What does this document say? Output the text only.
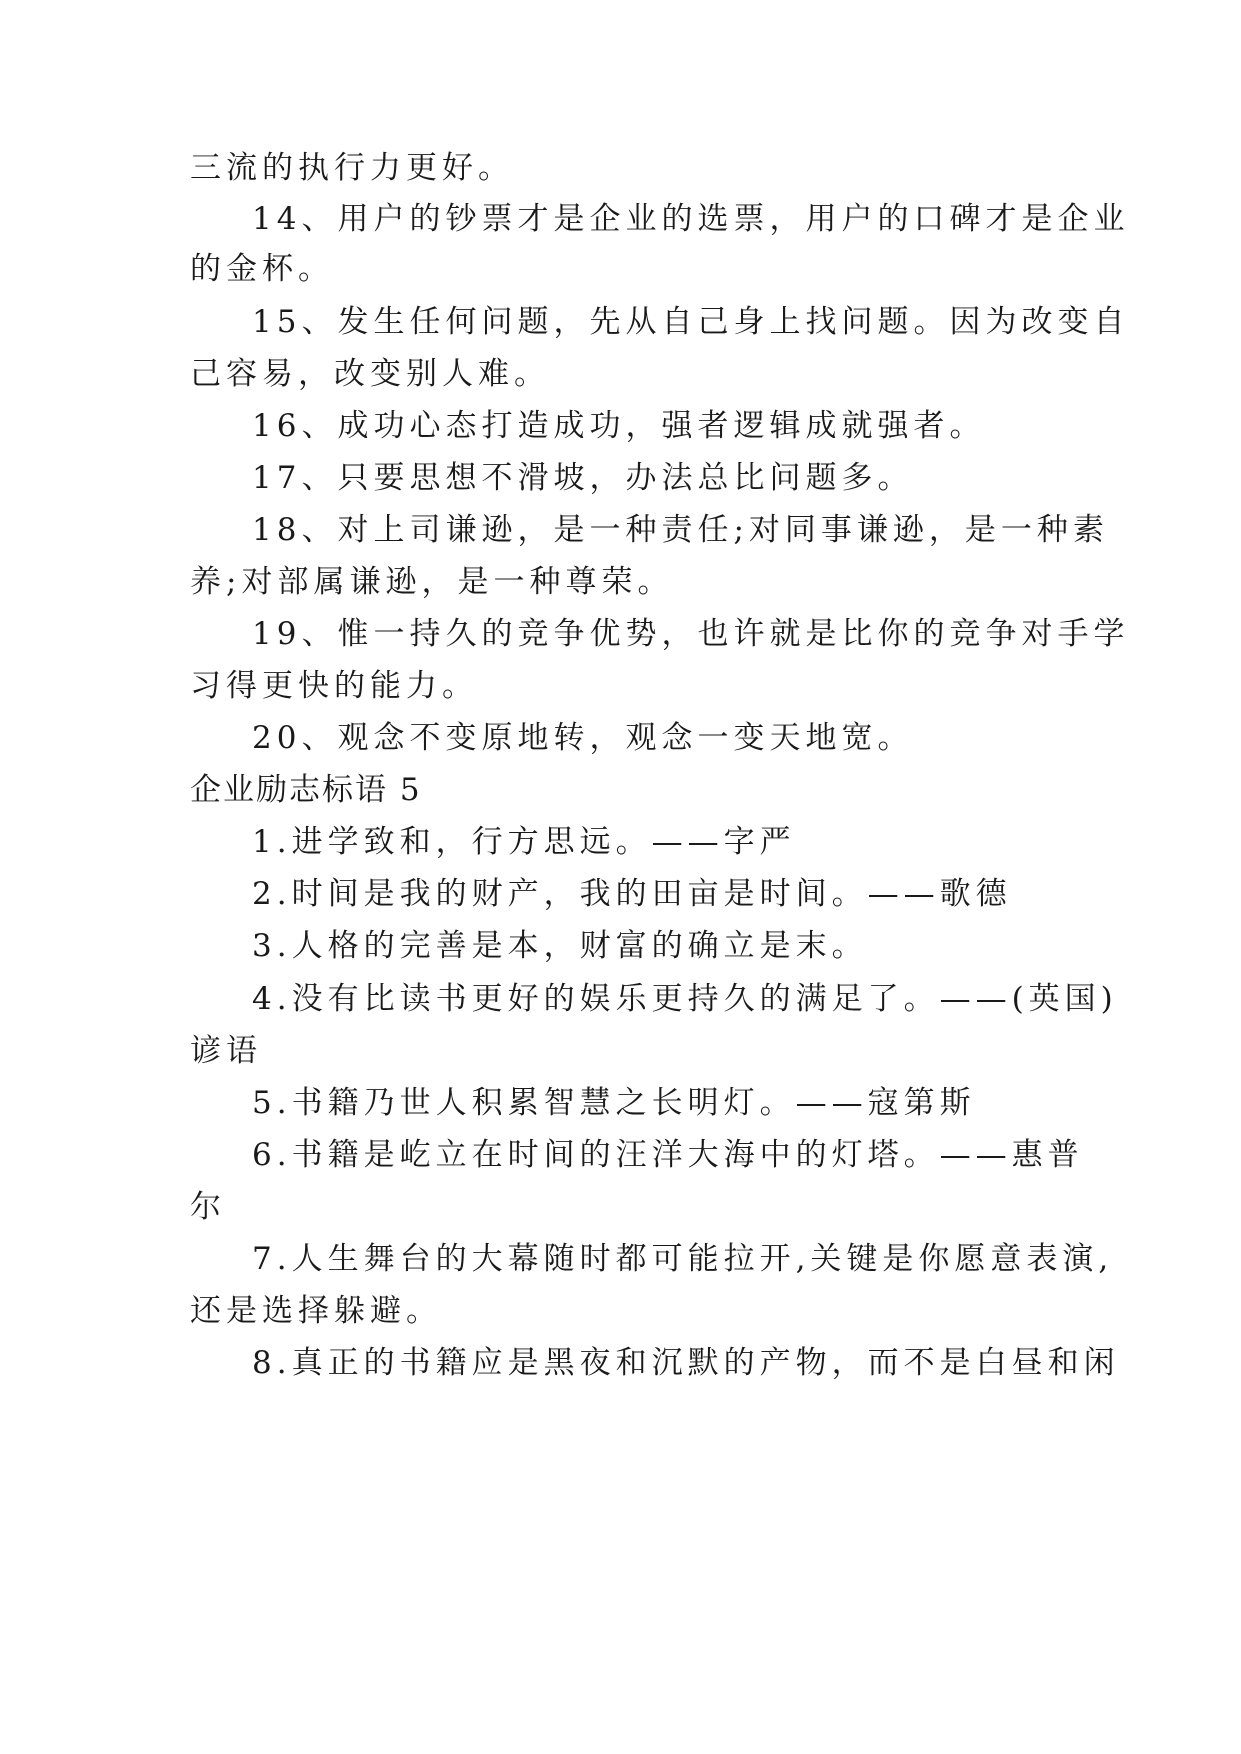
三流的执行力更好。
14、用户的钞票才是企业的选票，用户的口碑才是企业
的金杯。
15、发生任何问题，先从自己身上找问题。因为改变自
己容易，改变别人难。
16、成功心态打造成功，强者逻辑成就强者。
17、只要思想不滑坡，办法总比问题多。
18、对上司谦逊，是一种责任;对同事谦逊，是一种素
养;对部属谦逊，是一种尊荣。
19、惟一持久的竞争优势，也许就是比你的竞争对手学
习得更快的能力。
20、观念不变原地转，观念一变天地宽。
企业励志标语 5
1.进学致和，行方思远。——字严
2.时间是我的财产，我的田亩是时间。——歌德
3.人格的完善是本，财富的确立是末。
4.没有比读书更好的娱乐更持久的满足了。——(英国)
谚语
5.书籍乃世人积累智慧之长明灯。——寇第斯
6.书籍是屹立在时间的汪洋大海中的灯塔。——惠普
尔
7.人生舞台的大幕随时都可能拉开,关键是你愿意表演,
还是选择躲避。
8.真正的书籍应是黑夜和沉默的产物，而不是白昼和闲
